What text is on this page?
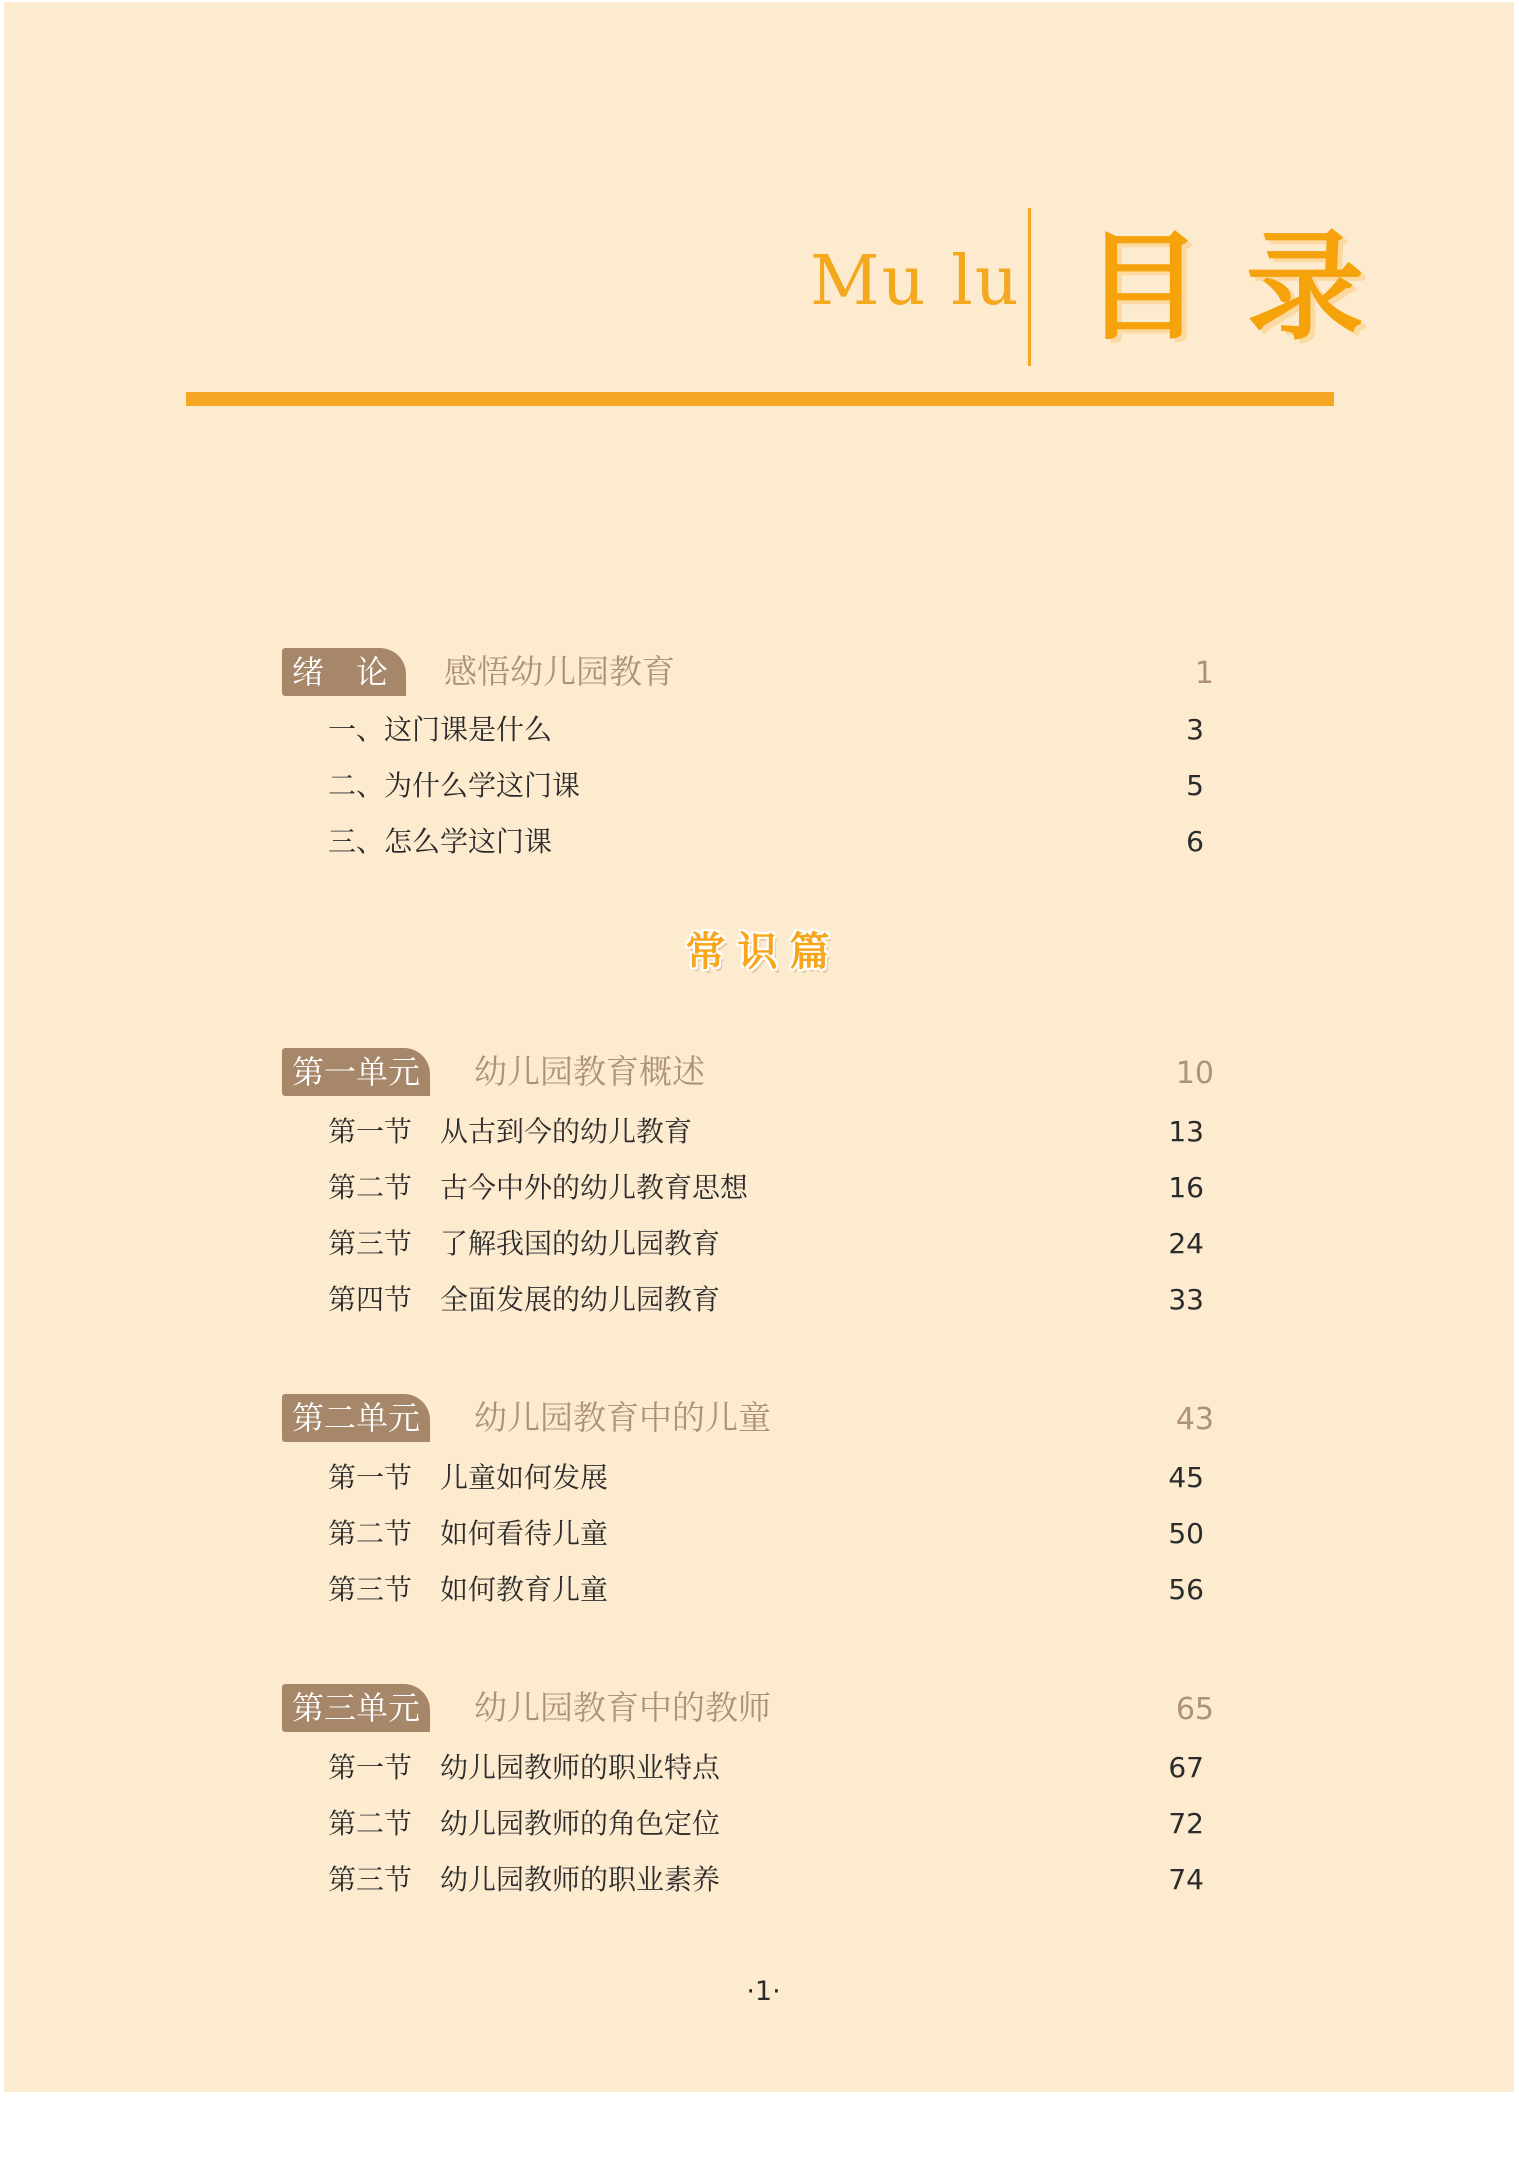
Mu lu 目录
绪　论	感悟幼儿园教育	1
一、这门课是什么	3
二、为什么学这门课	5
三、怎么学这门课	6
常识篇
第一单元	幼儿园教育概述	10
第一节 从古到今的幼儿教育	13
第二节 古今中外的幼儿教育思想	16
第三节 了解我国的幼儿园教育	24
第四节 全面发展的幼儿园教育	33
第二单元	幼儿园教育中的儿童	43
第一节 儿童如何发展	45
第二节 如何看待儿童	50
第三节 如何教育儿童	56
第三单元	幼儿园教育中的教师	65
第一节 幼儿园教师的职业特点	67
第二节 幼儿园教师的角色定位	72
第三节 幼儿园教师的职业素养	74
·1·
